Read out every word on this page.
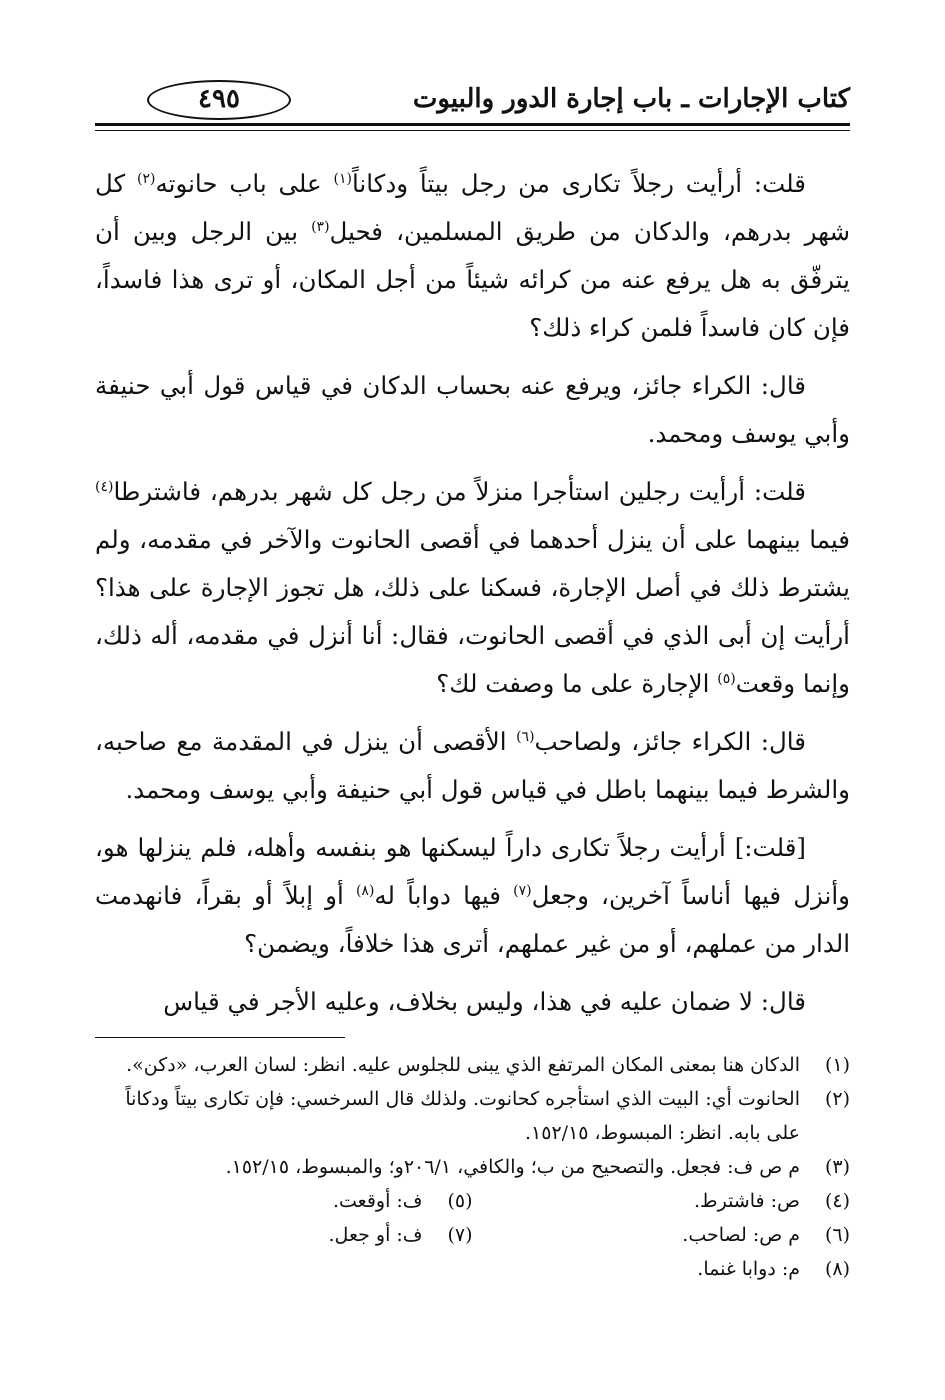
كتاب الإجارات ـ باب إجارة الدور والبيوت
٤٩٥

قلت: أرأيت رجلاً تكارى من رجل بيتاً ودكاناً$^{(١)}$ على باب حانوته$^{(٢)}$ كل شهر بدرهم، والدكان من طريق المسلمين، فحيل$^{(٣)}$ بين الرجل وبين أن يترفّق به هل يرفع عنه من كرائه شيئاً من أجل المكان، أو ترى هذا فاسداً، فإن كان فاسداً فلمن كراء ذلك؟

قال: الكراء جائز، ويرفع عنه بحساب الدكان في قياس قول أبي حنيفة وأبي يوسف ومحمد.

قلت: أرأيت رجلين استأجرا منزلاً من رجل كل شهر بدرهم، فاشترطا$^{(٤)}$ فيما بينهما على أن ينزل أحدهما في أقصى الحانوت والآخر في مقدمه، ولم يشترط ذلك في أصل الإجارة، فسكنا على ذلك، هل تجوز الإجارة على هذا؟ أرأيت إن أبى الذي في أقصى الحانوت، فقال: أنا أنزل في مقدمه، أله ذلك، وإنما وقعت$^{(٥)}$ الإجارة على ما وصفت لك؟

قال: الكراء جائز، ولصاحب$^{(٦)}$ الأقصى أن ينزل في المقدمة مع صاحبه، والشرط فيما بينهما باطل في قياس قول أبي حنيفة وأبي يوسف ومحمد.

[قلت:] أرأيت رجلاً تكارى داراً ليسكنها هو بنفسه وأهله، فلم ينزلها هو، وأنزل فيها أناساً آخرين، وجعل$^{(٧)}$ فيها دواباً له$^{(٨)}$ أو إبلاً أو بقراً، فانهدمت الدار من عملهم، أو من غير عملهم، أترى هذا خلافاً، ويضمن؟

قال: لا ضمان عليه في هذا، وليس بخلاف، وعليه الأجر في قياس

(١)
الدكان هنا بمعنى المكان المرتفع الذي يبنى للجلوس عليه. انظر: لسان العرب، «دكن».
(٢)
الحانوت أي: البيت الذي استأجره كحانوت. ولذلك قال السرخسي: فإن تكارى بيتاً ودكاناً على بابه. انظر: المبسوط، ١٥٢/١٥.
(٣)
م ص ف: فجعل. والتصحيح من ب؛ والكافي، ٢٠٦/١و؛ والمبسوط، ١٥٢/١٥.
(٤)
ص: فاشترط.
(٥)
ف: أوقعت.
(٦)
م ص: لصاحب.
(٧)
ف: أو جعل.
(٨)
م: دوابا غنما.
